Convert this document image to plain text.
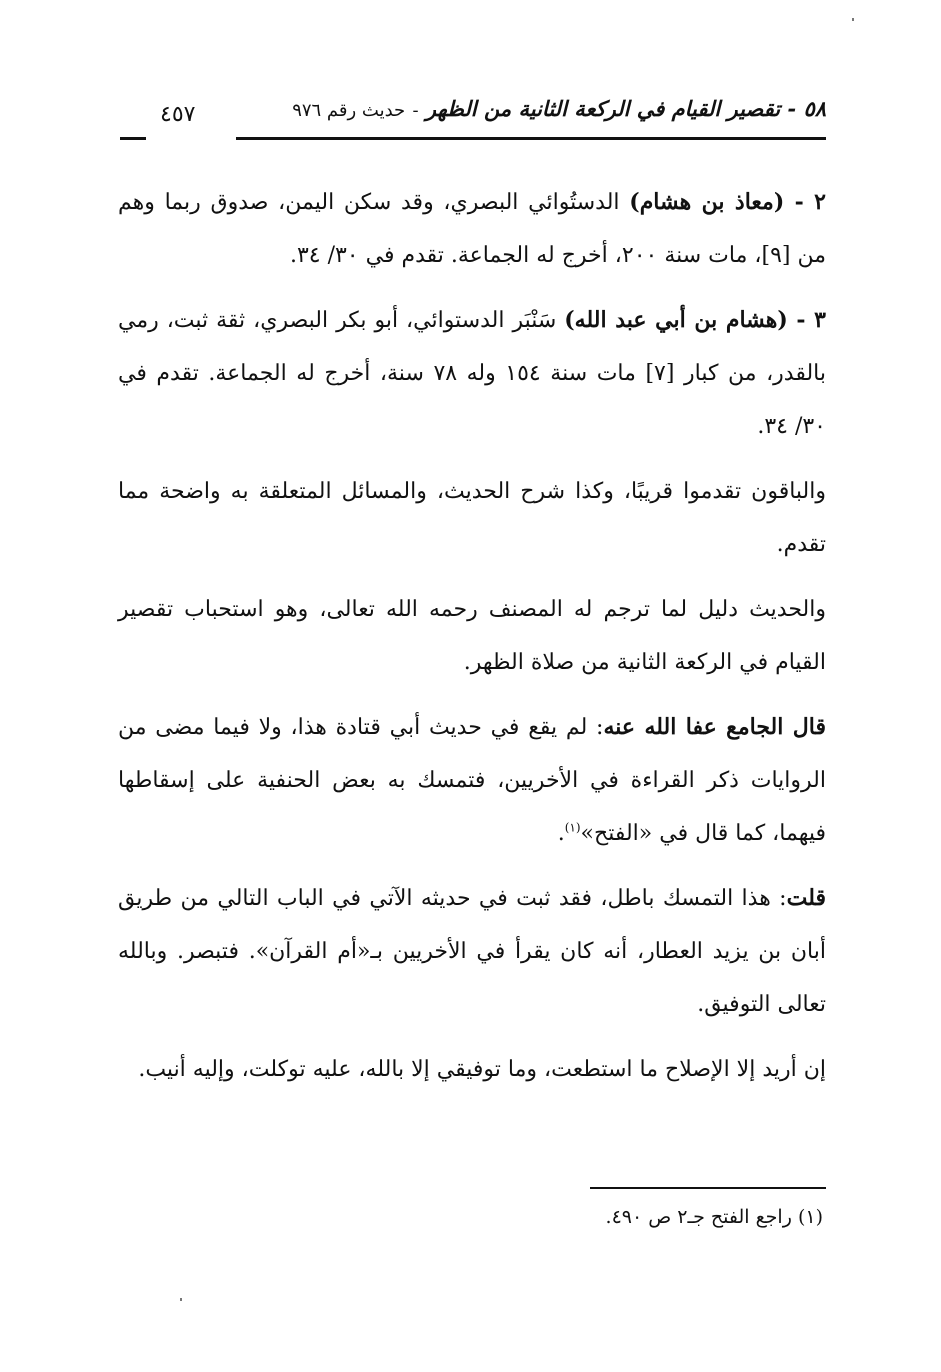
٥٨ - تقصير القيام في الركعة الثانية من الظهر - حديث رقم ٩٧٦
٤٥٧

٢ - (معاذ بن هشام) الدستُوائي البصري، وقد سكن اليمن، صدوق ربما وهم من [٩]، مات سنة ٢٠٠، أخرج له الجماعة. تقدم في ٣٠/ ٣٤.

٣ - (هشام بن أبي عبد الله) سَنْبَر الدستوائي، أبو بكر البصري، ثقة ثبت، رمي بالقدر، من كبار [٧] مات سنة ١٥٤ وله ٧٨ سنة، أخرج له الجماعة. تقدم في ٣٠/ ٣٤.

والباقون تقدموا قريبًا، وكذا شرح الحديث، والمسائل المتعلقة به واضحة مما تقدم.

والحديث دليل لما ترجم له المصنف رحمه الله تعالى، وهو استحباب تقصير القيام في الركعة الثانية من صلاة الظهر.

قال الجامع عفا الله عنه: لم يقع في حديث أبي قتادة هذا، ولا فيما مضى من الروايات ذكر القراءة في الأخريين، فتمسك به بعض الحنفية على إسقاطها فيهما، كما قال في «الفتح»$^{(١)}$.

قلت: هذا التمسك باطل، فقد ثبت في حديثه الآتي في الباب التالي من طريق أبان بن يزيد العطار، أنه كان يقرأ في الأخريين بـ«أم القرآن». فتبصر. وبالله تعالى التوفيق.

إن أريد إلا الإصلاح ما استطعت، وما توفيقي إلا بالله، عليه توكلت، وإليه أنيب.

(١) راجع الفتح جـ٢ ص ٤٩٠.
